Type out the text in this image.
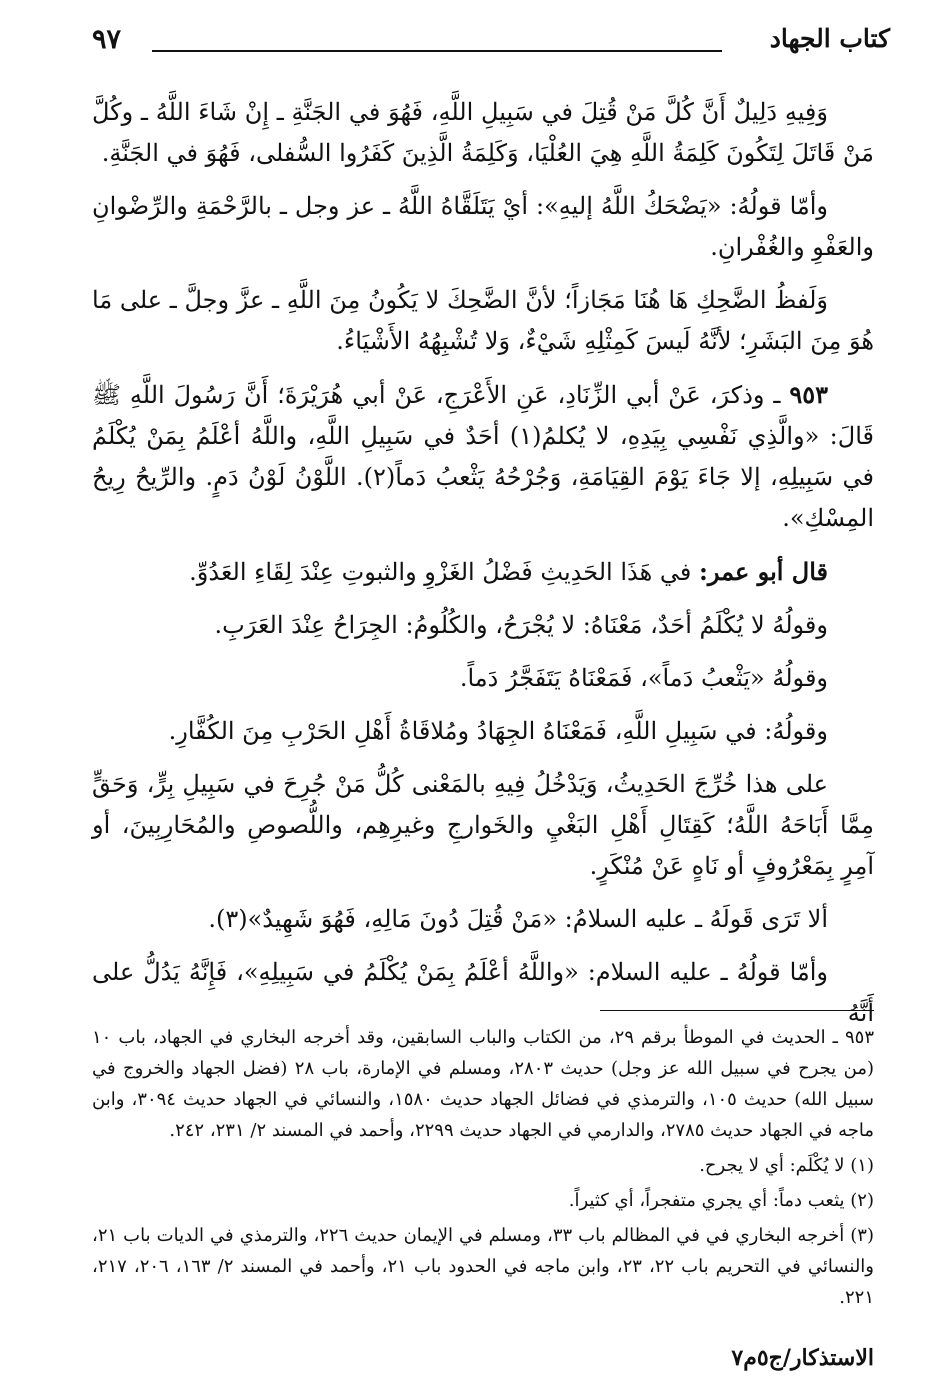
كتاب الجهاد
٩٧

وَفِيهِ دَلِيلٌ أَنَّ كُلَّ مَنْ قُتِلَ في سَبِيلِ اللَّهِ، فَهُوَ في الجَنَّةِ ـ إِنْ شَاءَ اللَّهُ ـ وكُلَّ مَنْ قَاتَلَ لِتَكُونَ كَلِمَةُ اللَّهِ هِيَ العُلْيَا، وَكَلِمَةُ الَّذِينَ كَفَرُوا السُّفلى، فَهُوَ في الجَنَّةِ.

وأمّا قولُهُ: «يَضْحَكُ اللَّهُ إليهِ»: أيْ يَتَلَقَّاهُ اللَّهُ ـ عز وجل ـ بالرَّحْمَةِ والرِّضْوانِ والعَفْوِ والغُفْرانِ.

وَلَفظُ الضَّحِكِ هَا هُنَا مَجَازاً؛ لأنَّ الضَّحِكَ لا يَكُونُ مِنَ اللَّهِ ـ عزَّ وجلَّ ـ على مَا هُوَ مِنَ البَشَرِ؛ لأنَّهُ لَيسَ كَمِثْلِهِ شَيْءٌ، وَلا تُشْبِهُهُ الأَشْيَاءُ.

٩٥٣ ـ وذكرَ، عَنْ أبي الزِّنَادِ، عَنِ الأَعْرَجِ، عَنْ أبي هُرَيْرَةَ؛ أَنَّ رَسُولَ اللَّهِ ﷺ قَالَ: «والَّذِي نَفْسِي بِيَدِهِ، لا يُكلمُ(١) أحَدٌ في سَبِيلِ اللَّهِ، واللَّهُ أعْلَمُ بِمَنْ يُكْلَمُ في سَبِيلِهِ، إلا جَاءَ يَوْمَ القِيَامَةِ، وَجُرْحُهُ يَثْعبُ دَماً(٢). اللَّوْنُ لَوْنُ دَمٍ. والرِّيحُ رِيحُ المِسْكِ».

قال أبو عمر: في هَذَا الحَدِيثِ فَضْلُ الغَزْوِ والثبوتِ عِنْدَ لِقَاءِ العَدُوِّ.

وقولُهُ لا يُكْلَمُ أحَدٌ، مَعْنَاهُ: لا يُجْرَحُ، والكُلُومُ: الجِرَاحُ عِنْدَ العَرَبِ.

وقولُهُ «يَثْعبُ دَماً»، فَمَعْنَاهُ يَتَفَجَّرُ دَماً.

وقولُهُ: في سَبِيلِ اللَّهِ، فَمَعْنَاهُ الجِهَادُ ومُلاقَاةُ أَهْلِ الحَرْبِ مِنَ الكُفَّارِ.

على هذا خُرِّجَ الحَدِيثُ، وَيَدْخُلُ فِيهِ بالمَعْنى كُلُّ مَنْ جُرِحَ في سَبِيلِ بِرٍّ، وَحَقٍّ مِمَّا أَبَاحَهُ اللَّهُ؛ كَقِتَالِ أَهْلِ البَغْيِ والخَوارجِ وغيرِهِم، واللُّصوصِ والمُحَارِبِينَ، أو آمِرٍ بِمَعْرُوفٍ أو نَاهٍ عَنْ مُنْكَرٍ.

ألا تَرَى قَولَهُ ـ عليه السلامُ: «مَنْ قُتِلَ دُونَ مَالِهِ، فَهُوَ شَهِيدٌ»(٣).

وأمّا قولُهُ ـ عليه السلام: «واللَّهُ أعْلَمُ بِمَنْ يُكْلَمُ في سَبِيلِهِ»، فَإِنَّهُ يَدُلُّ على أَنَّهُ

٩٥٣ ـ الحديث في الموطأ برقم ٢٩، من الكتاب والباب السابقين، وقد أخرجه البخاري في الجهاد، باب ١٠ (من يجرح في سبيل الله عز وجل) حديث ٢٨٠٣، ومسلم في الإمارة، باب ٢٨ (فضل الجهاد والخروج في سبيل الله) حديث ١٠٥، والترمذي في فضائل الجهاد حديث ١٥٨٠، والنسائي في الجهاد حديث ٣٠٩٤، وابن ماجه في الجهاد حديث ٢٧٨٥، والدارمي في الجهاد حديث ٢٢٩٩، وأحمد في المسند ٢/ ٢٣١، ٢٤٢.

(١) لا يُكْلَم: أي لا يجرح.

(٢) يثعب دماً: أي يجري متفجراً، أي كثيراً.

(٣) أخرجه البخاري في في المظالم باب ٣٣، ومسلم في الإيمان حديث ٢٢٦، والترمذي في الديات باب ٢١، والنسائي في التحريم باب ٢٢، ٢٣، وابن ماجه في الحدود باب ٢١، وأحمد في المسند ٢/ ١٦٣، ٢٠٦، ٢١٧، ٢٢١.

الاستذكار/ج٥م٧
